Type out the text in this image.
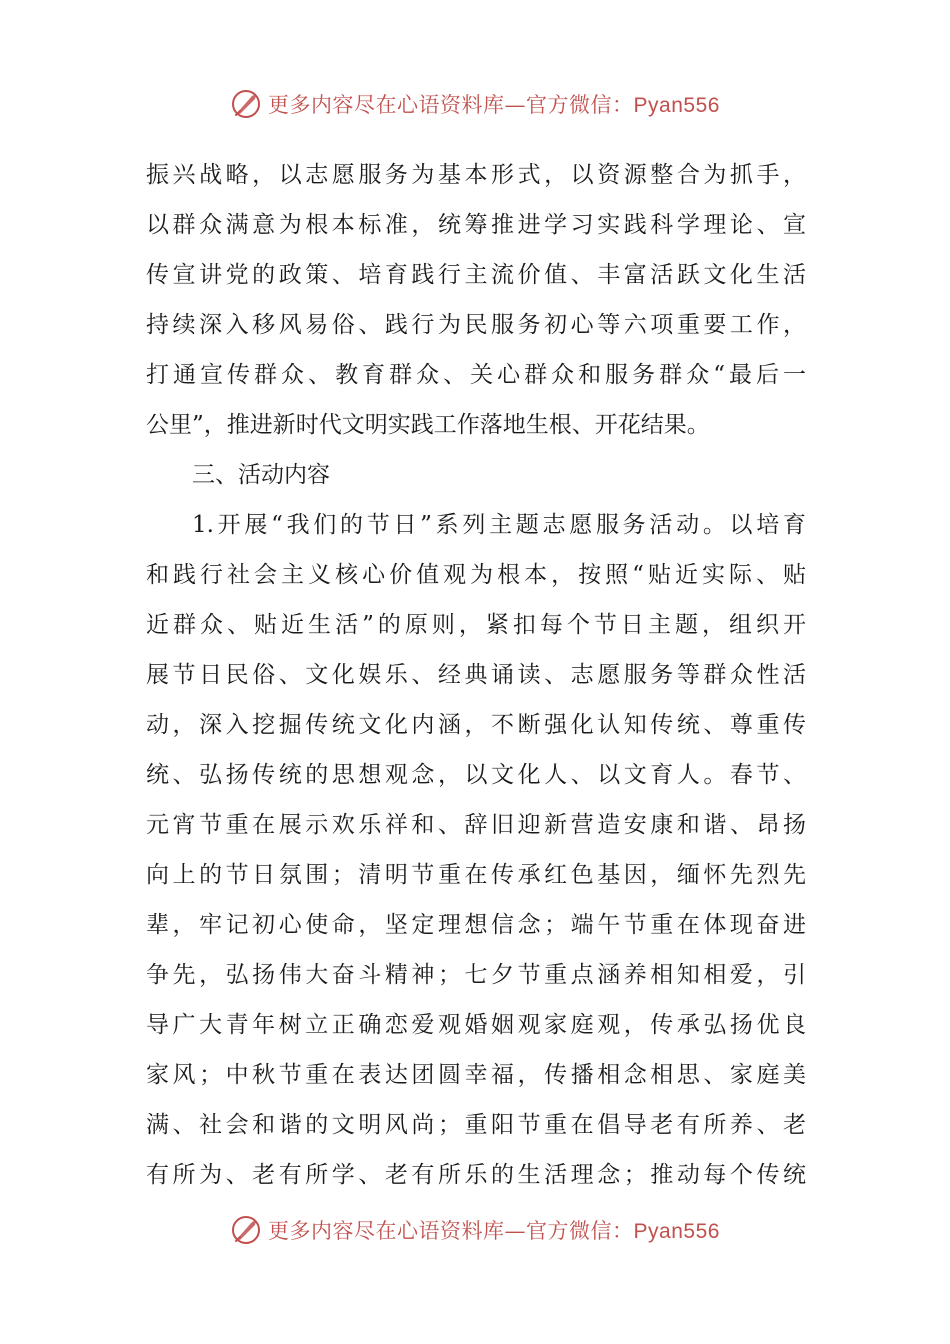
更多内容尽在心语资料库—官方微信：Pyan556
振兴战略，以志愿服务为基本形式，以资源整合为抓手，
以群众满意为根本标准，统筹推进学习实践科学理论、宣
传宣讲党的政策、培育践行主流价值、丰富活跃文化生活
持续深入移风易俗、践行为民服务初心等六项重要工作，
打通宣传群众、教育群众、关心群众和服务群众“最后一
公里”，推进新时代文明实践工作落地生根、开花结果。
三、活动内容
1.开展“我们的节日”系列主题志愿服务活动。以培育
和践行社会主义核心价值观为根本，按照“贴近实际、贴
近群众、贴近生活”的原则，紧扣每个节日主题，组织开
展节日民俗、文化娱乐、经典诵读、志愿服务等群众性活
动，深入挖掘传统文化内涵，不断强化认知传统、尊重传
统、弘扬传统的思想观念，以文化人、以文育人。春节、
元宵节重在展示欢乐祥和、辞旧迎新营造安康和谐、昂扬
向上的节日氛围；清明节重在传承红色基因，缅怀先烈先
辈，牢记初心使命，坚定理想信念；端午节重在体现奋进
争先，弘扬伟大奋斗精神；七夕节重点涵养相知相爱，引
导广大青年树立正确恋爱观婚姻观家庭观，传承弘扬优良
家风；中秋节重在表达团圆幸福，传播相念相思、家庭美
满、社会和谐的文明风尚；重阳节重在倡导老有所养、老
有所为、老有所学、老有所乐的生活理念；推动每个传统
更多内容尽在心语资料库—官方微信：Pyan556
